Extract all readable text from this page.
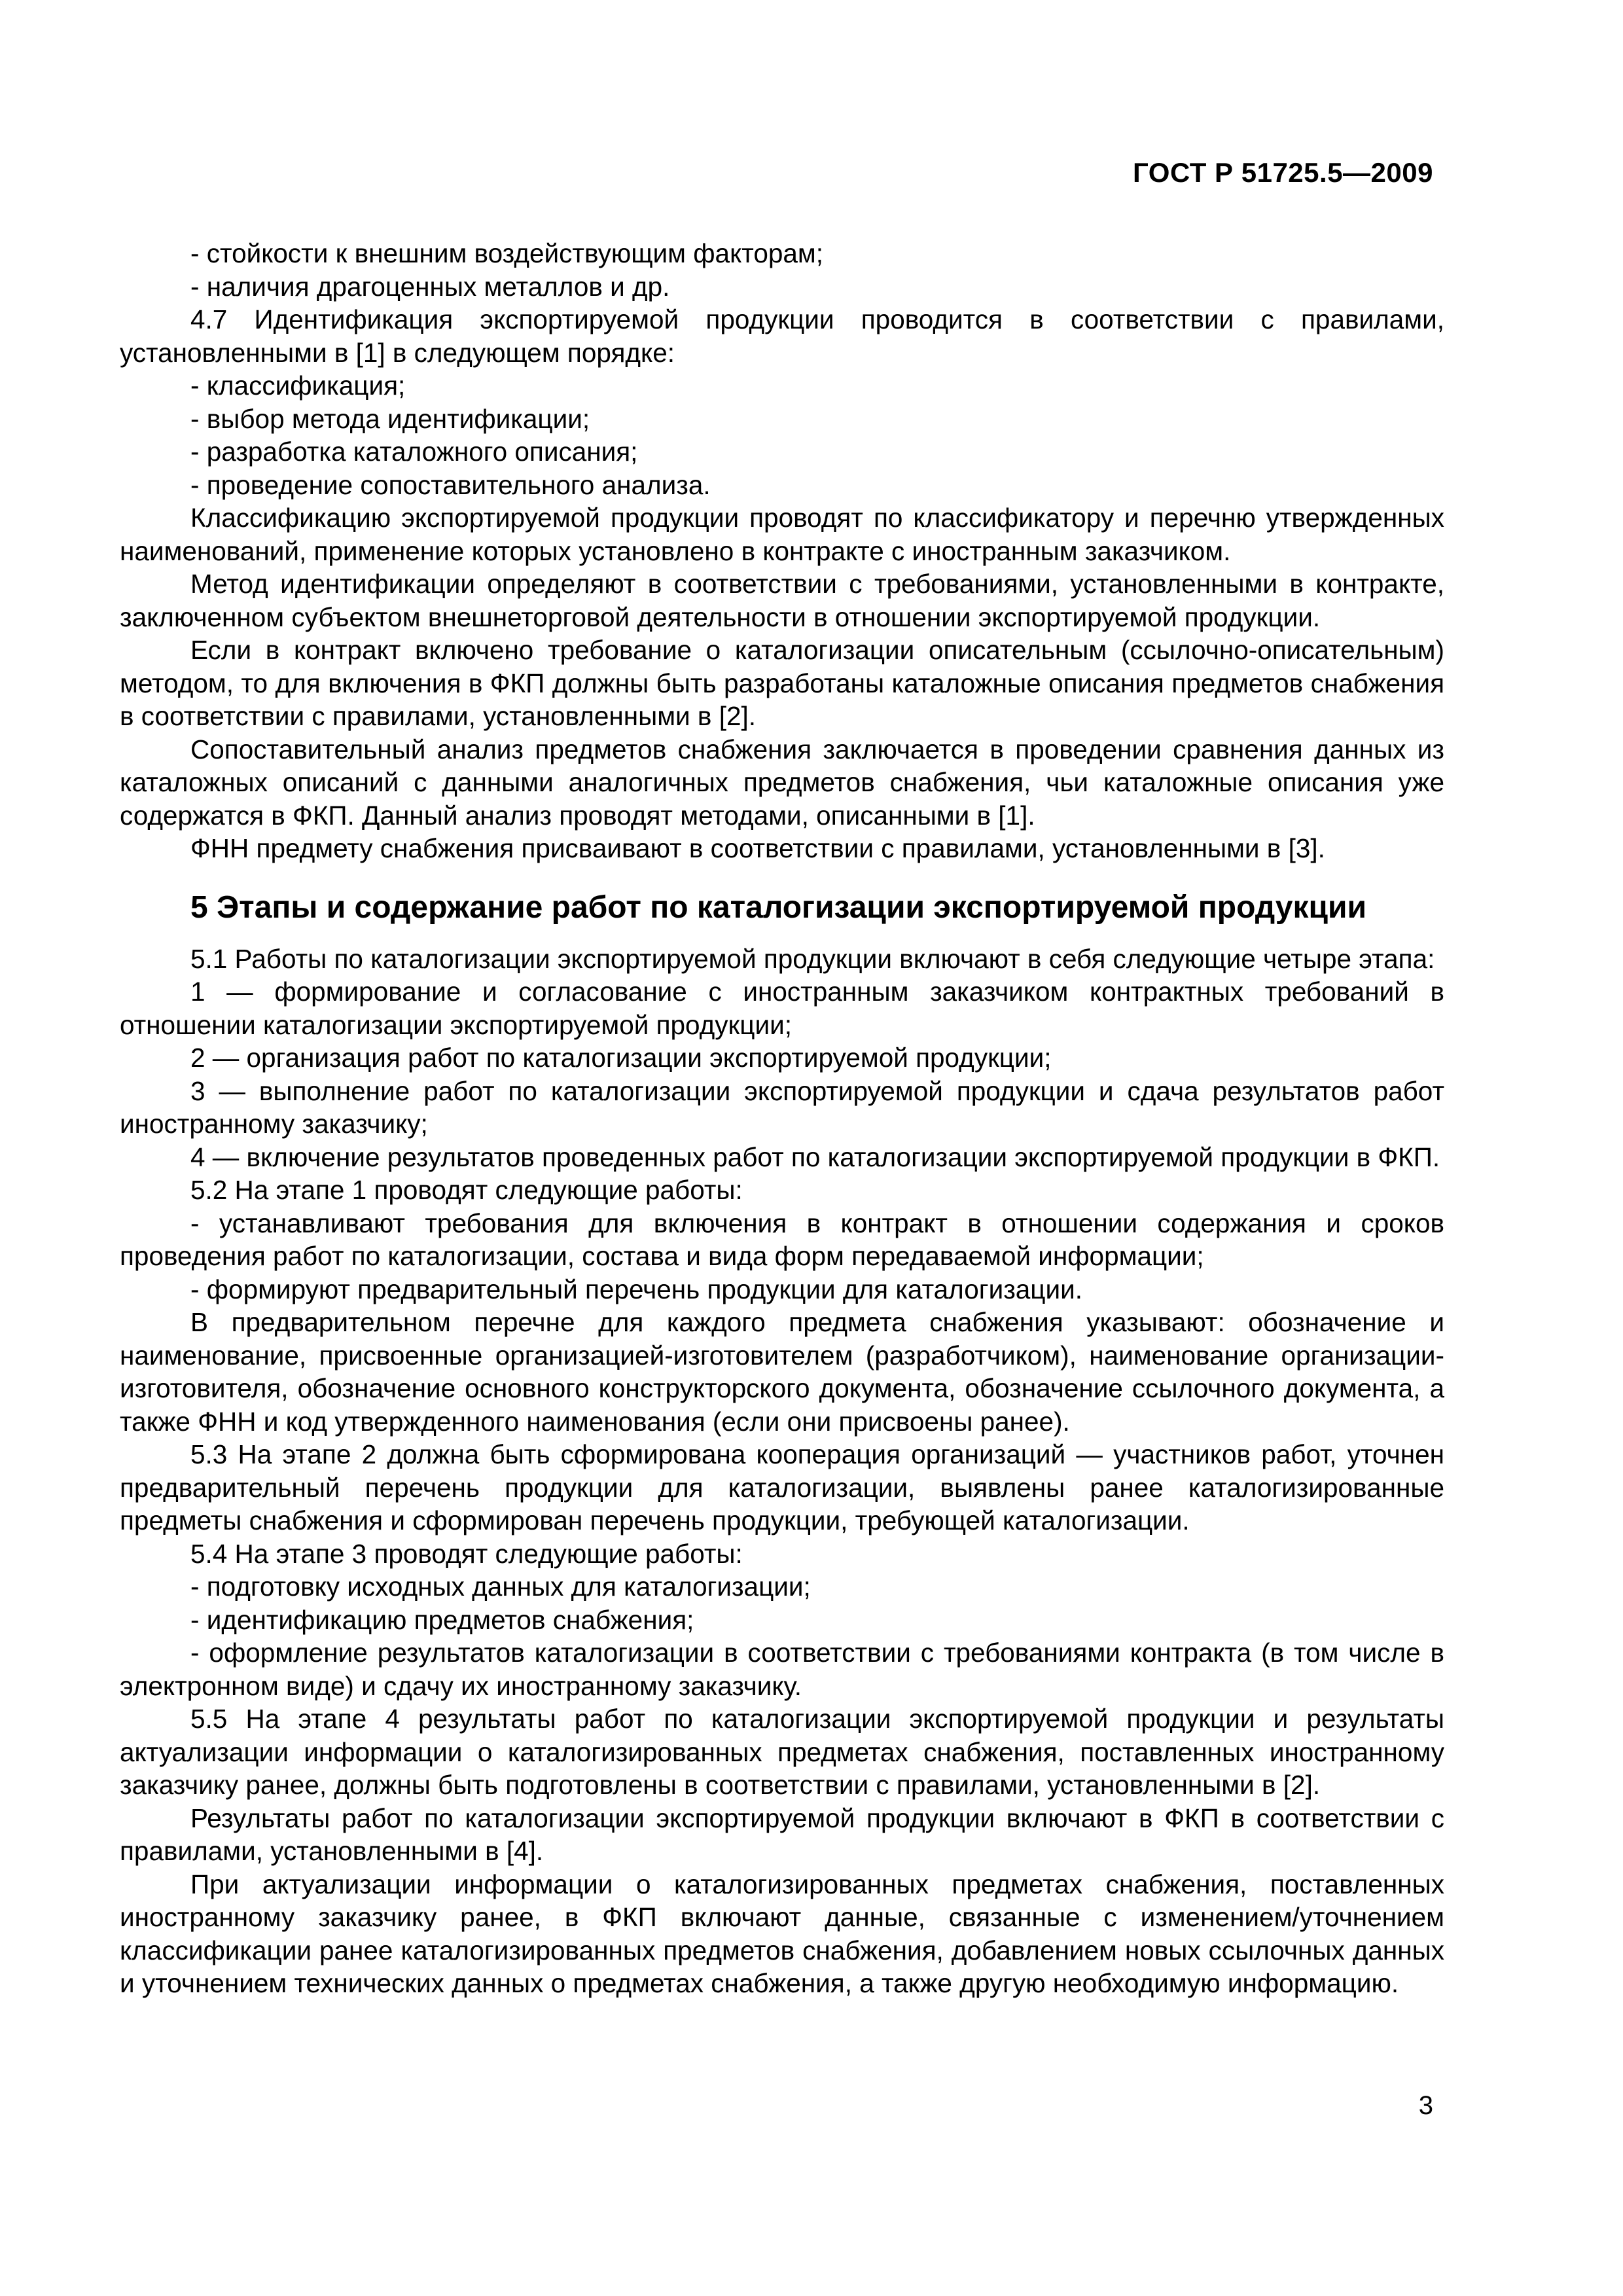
ГОСТ Р 51725.5—2009

- стойкости к внешним воздействующим факторам;

- наличия драгоценных металлов и др.

4.7 Идентификация экспортируемой продукции проводится в соответствии с правилами, установленными в [1] в следующем порядке:

- классификация;

- выбор метода идентификации;

- разработка каталожного описания;

- проведение сопоставительного анализа.

Классификацию экспортируемой продукции проводят по классификатору и перечню утвержденных наименований, применение которых установлено в контракте с иностранным заказчиком.

Метод идентификации определяют в соответствии с требованиями, установленными в контракте, заключенном субъектом внешнеторговой деятельности в отношении экспортируемой продукции.

Если в контракт включено требование о каталогизации описательным (ссылочно-описательным) методом, то для включения в ФКП должны быть разработаны каталожные описания предметов снабжения в соответствии с правилами, установленными в [2].

Сопоставительный анализ предметов снабжения заключается в проведении сравнения данных из каталожных описаний с данными аналогичных предметов снабжения, чьи каталожные описания уже содержатся в ФКП. Данный анализ проводят методами, описанными в [1].

ФНН предмету снабжения присваивают в соответствии с правилами, установленными в [3].

5 Этапы и содержание работ по каталогизации экспортируемой продукции

5.1 Работы по каталогизации экспортируемой продукции включают в себя следующие четыре этапа:

1 — формирование и согласование с иностранным заказчиком контрактных требований в отношении каталогизации экспортируемой продукции;

2 — организация работ по каталогизации экспортируемой продукции;

3 — выполнение работ по каталогизации экспортируемой продукции и сдача результатов работ иностранному заказчику;

4 — включение результатов проведенных работ по каталогизации экспортируемой продукции в ФКП.

5.2 На этапе 1 проводят следующие работы:

- устанавливают требования для включения в контракт в отношении содержания и сроков проведения работ по каталогизации, состава и вида форм передаваемой информации;

- формируют предварительный перечень продукции для каталогизации.

В предварительном перечне для каждого предмета снабжения указывают: обозначение и наименование, присвоенные организацией-изготовителем (разработчиком), наименование организации-изготовителя, обозначение основного конструкторского документа, обозначение ссылочного документа, а также ФНН и код утвержденного наименования (если они присвоены ранее).

5.3 На этапе 2 должна быть сформирована кооперация организаций — участников работ, уточнен предварительный перечень продукции для каталогизации, выявлены ранее каталогизированные предметы снабжения и сформирован перечень продукции, требующей каталогизации.

5.4 На этапе 3 проводят следующие работы:

- подготовку исходных данных для каталогизации;

- идентификацию предметов снабжения;

- оформление результатов каталогизации в соответствии с требованиями контракта (в том числе в электронном виде) и сдачу их иностранному заказчику.

5.5 На этапе 4 результаты работ по каталогизации экспортируемой продукции и результаты актуализации информации о каталогизированных предметах снабжения, поставленных иностранному заказчику ранее, должны быть подготовлены в соответствии с правилами, установленными в [2].

Результаты работ по каталогизации экспортируемой продукции включают в ФКП в соответствии с правилами, установленными в [4].

При актуализации информации о каталогизированных предметах снабжения, поставленных иностранному заказчику ранее, в ФКП включают данные, связанные с изменением/уточнением классификации ранее каталогизированных предметов снабжения, добавлением новых ссылочных данных и уточнением технических данных о предметах снабжения, а также другую необходимую информацию.

3
